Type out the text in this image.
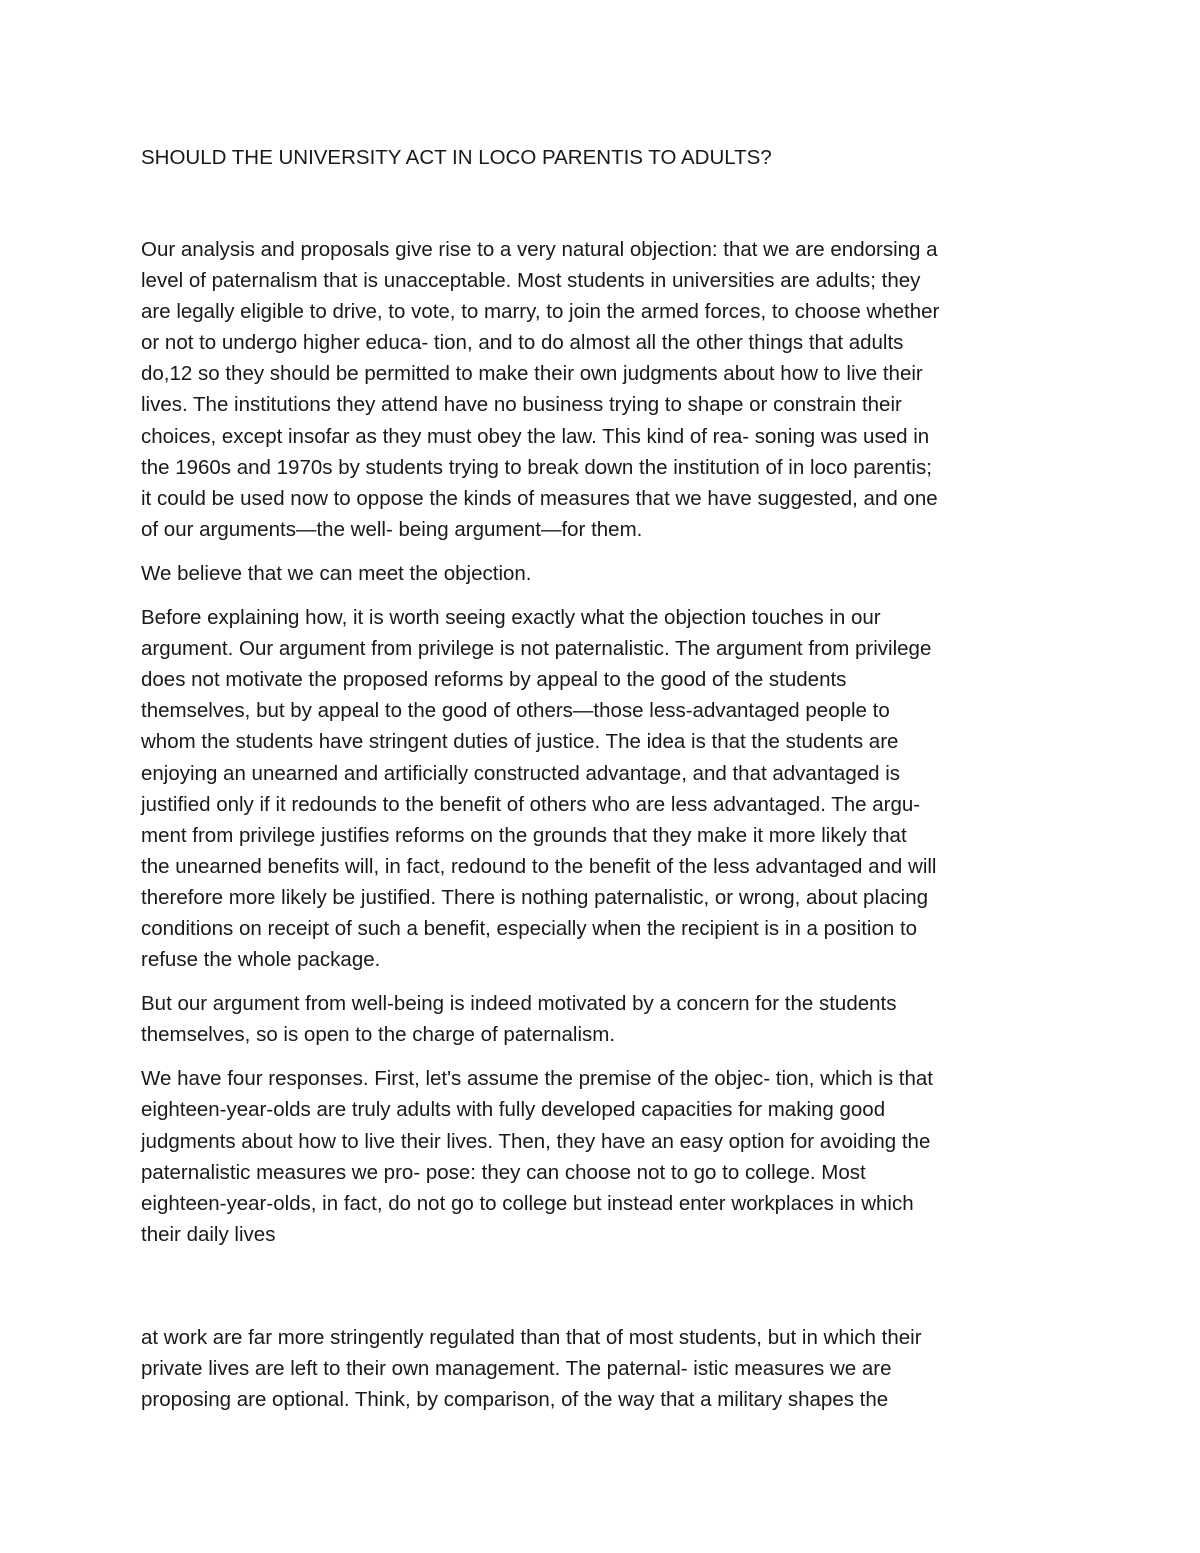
SHOULD THE UNIVERSITY ACT IN LOCO PARENTIS TO ADULTS?

Our analysis and proposals give rise to a very natural objection: that we are endorsing a
level of paternalism that is unacceptable. Most students in universities are adults; they
are legally eligible to drive, to vote, to marry, to join the armed forces, to choose whether
or not to undergo higher educa- tion, and to do almost all the other things that adults
do,12 so they should be permitted to make their own judgments about how to live their
lives. The institutions they attend have no business trying to shape or constrain their
choices, except insofar as they must obey the law. This kind of rea- soning was used in
the 1960s and 1970s by students trying to break down the institution of in loco parentis;
it could be used now to oppose the kinds of measures that we have suggested, and one
of our arguments—the well- being argument—for them.

We believe that we can meet the objection.

Before explaining how, it is worth seeing exactly what the objection touches in our
argument. Our argument from privilege is not paternalistic. The argument from privilege
does not motivate the proposed reforms by appeal to the good of the students
themselves, but by appeal to the good of others—those less-advantaged people to
whom the students have stringent duties of justice. The idea is that the students are
enjoying an unearned and artificially constructed advantage, and that advantaged is
justified only if it redounds to the benefit of others who are less advantaged. The argu-
ment from privilege justifies reforms on the grounds that they make it more likely that
the unearned benefits will, in fact, redound to the benefit of the less advantaged and will
therefore more likely be justified. There is nothing paternalistic, or wrong, about placing
conditions on receipt of such a benefit, especially when the recipient is in a position to
refuse the whole package.

But our argument from well-being is indeed motivated by a concern for the students
themselves, so is open to the charge of paternalism.

We have four responses. First, let's assume the premise of the objec- tion, which is that
eighteen-year-olds are truly adults with fully developed capacities for making good
judgments about how to live their lives. Then, they have an easy option for avoiding the
paternalistic measures we pro- pose: they can choose not to go to college. Most
eighteen-year-olds, in fact, do not go to college but instead enter workplaces in which
their daily lives

at work are far more stringently regulated than that of most students, but in which their
private lives are left to their own management. The paternal- istic measures we are
proposing are optional. Think, by comparison, of the way that a military shapes the
